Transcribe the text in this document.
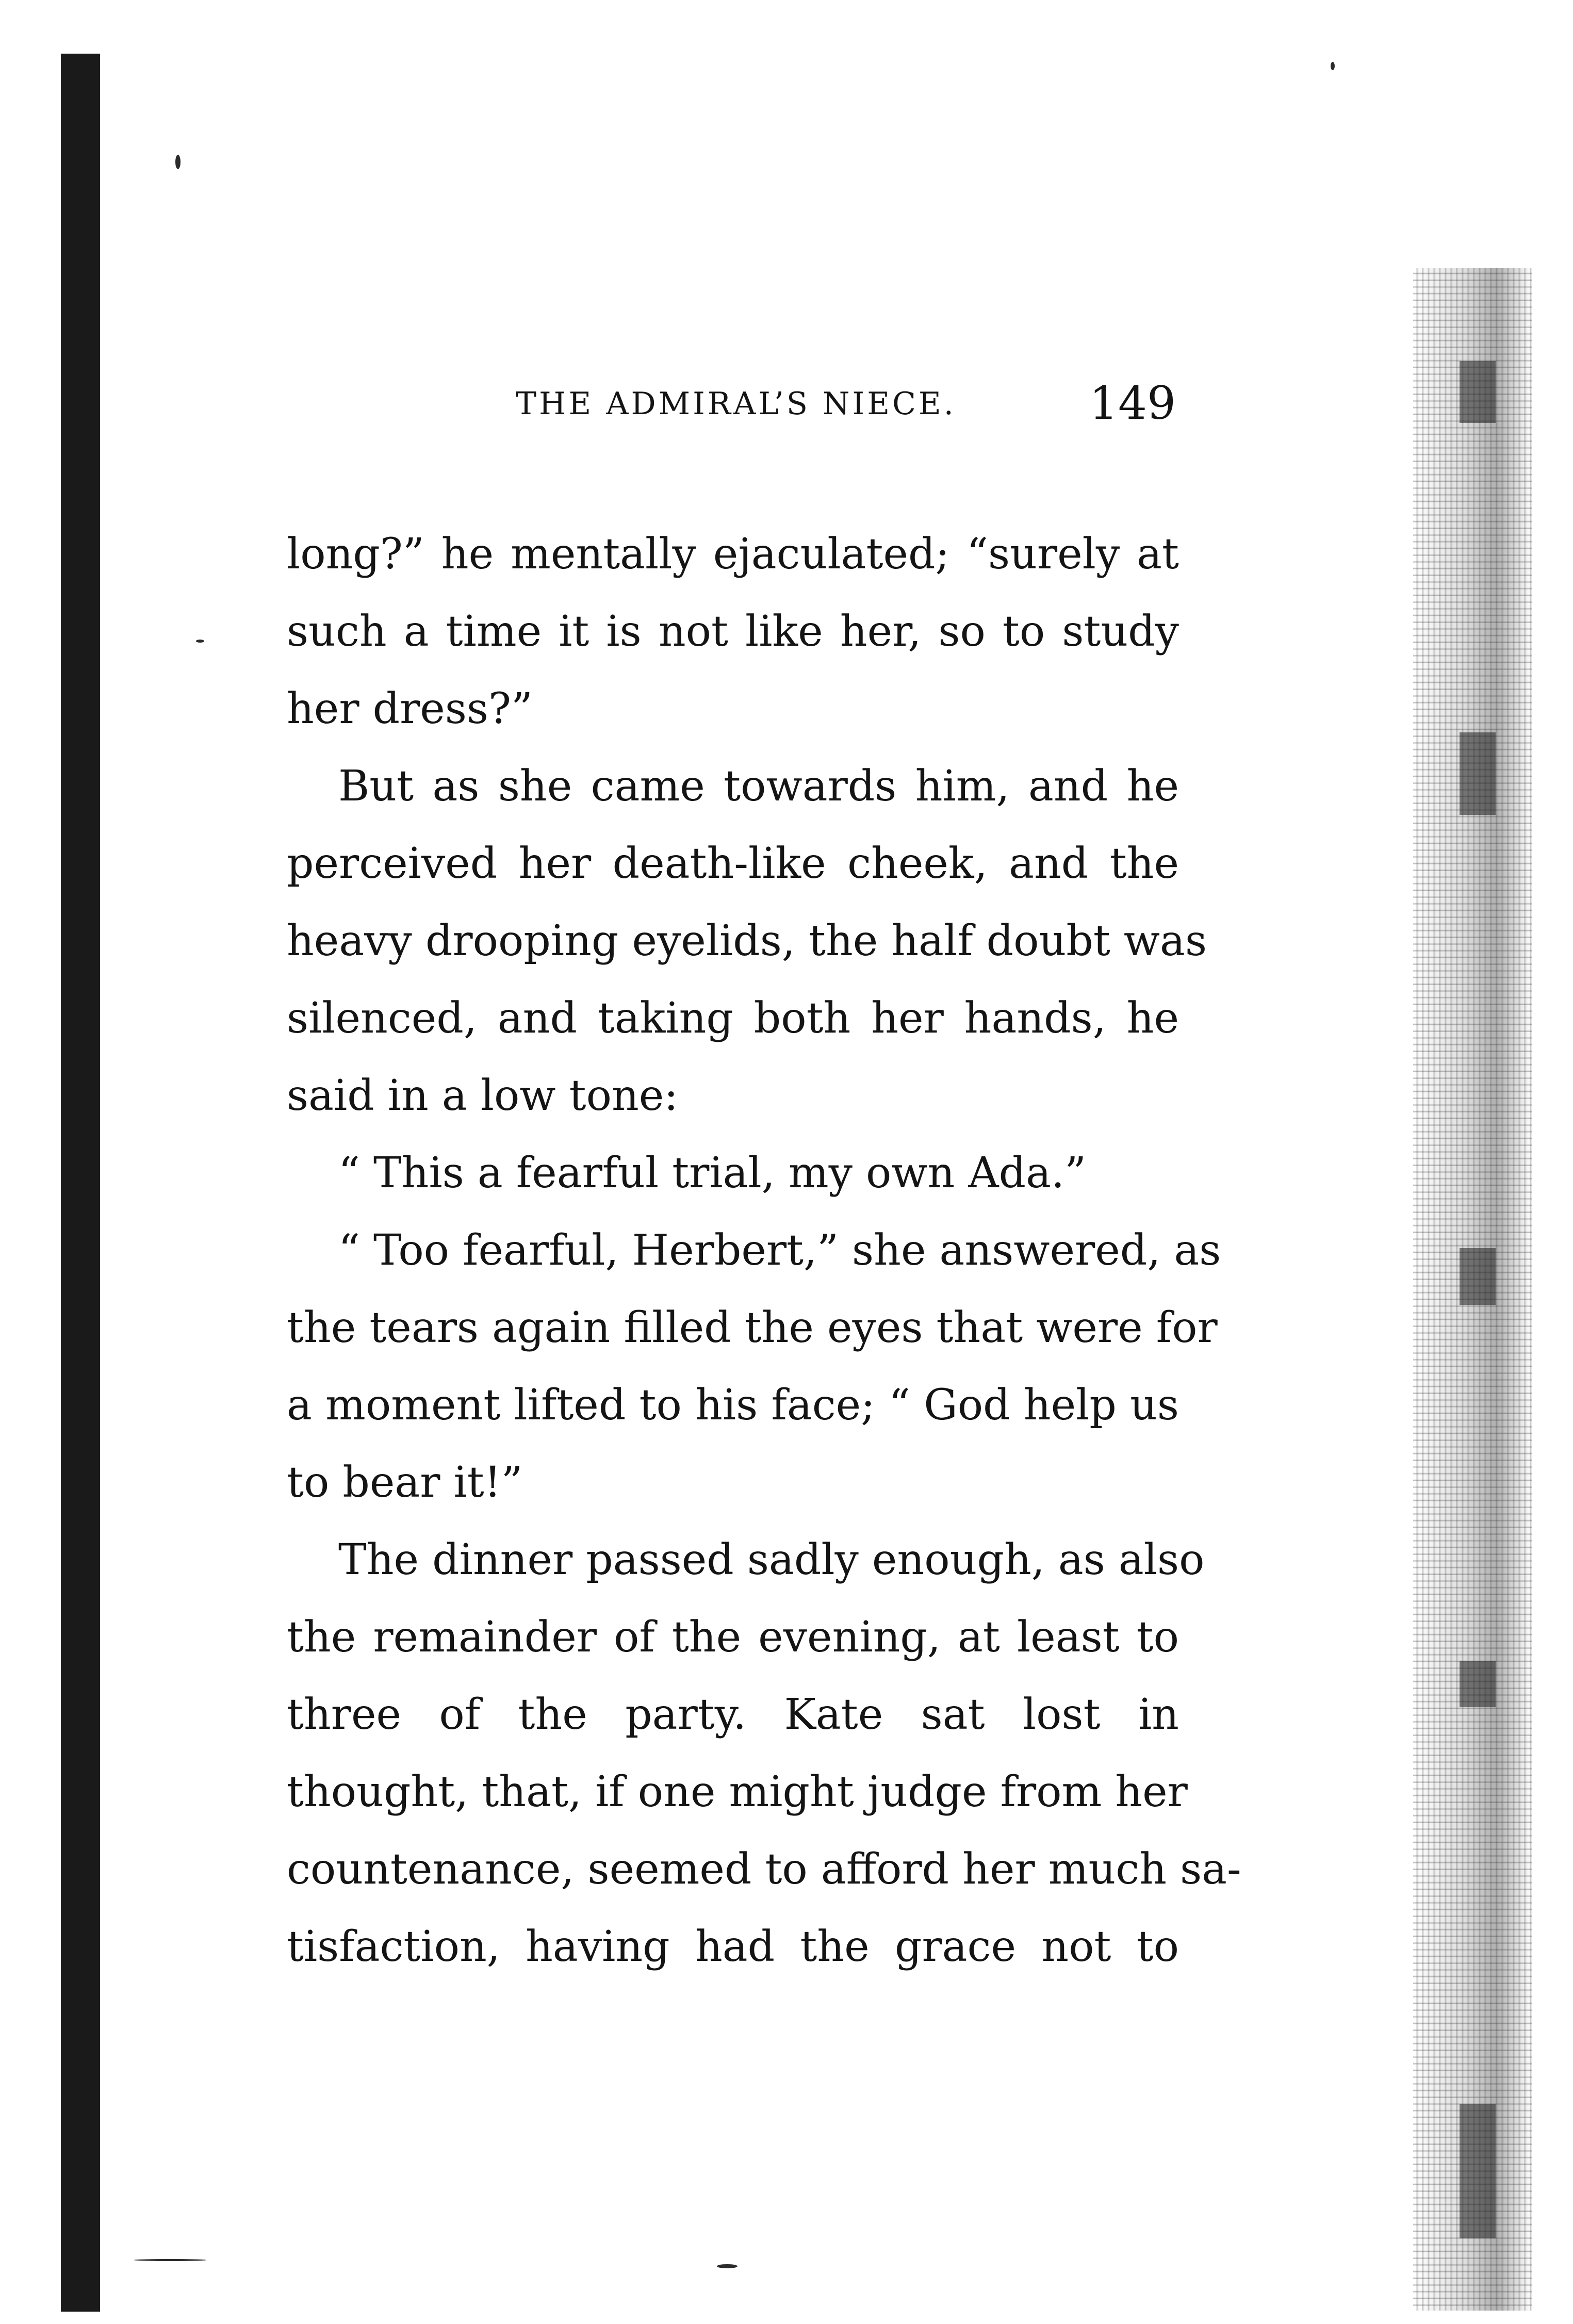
THE ADMIRAL’S NIECE.	149
long?” he mentally ejaculated; “surely at
such a time it is not like her, so to study
her dress?”
But as she came towards him, and he
perceived her death-like cheek, and the
heavy drooping eyelids, the half doubt was
silenced, and taking both her hands, he
said in a low tone:
“ This a fearful trial, my own Ada.”
“ Too fearful, Herbert,” she answered, as
the tears again filled the eyes that were for
a moment lifted to his face; “ God help us
to bear it!”
The dinner passed sadly enough, as also
the remainder of the evening, at least to
three of the party. Kate sat lost in
thought, that, if one might judge from her
countenance, seemed to afford her much sa-
tisfaction, having had the grace not to
